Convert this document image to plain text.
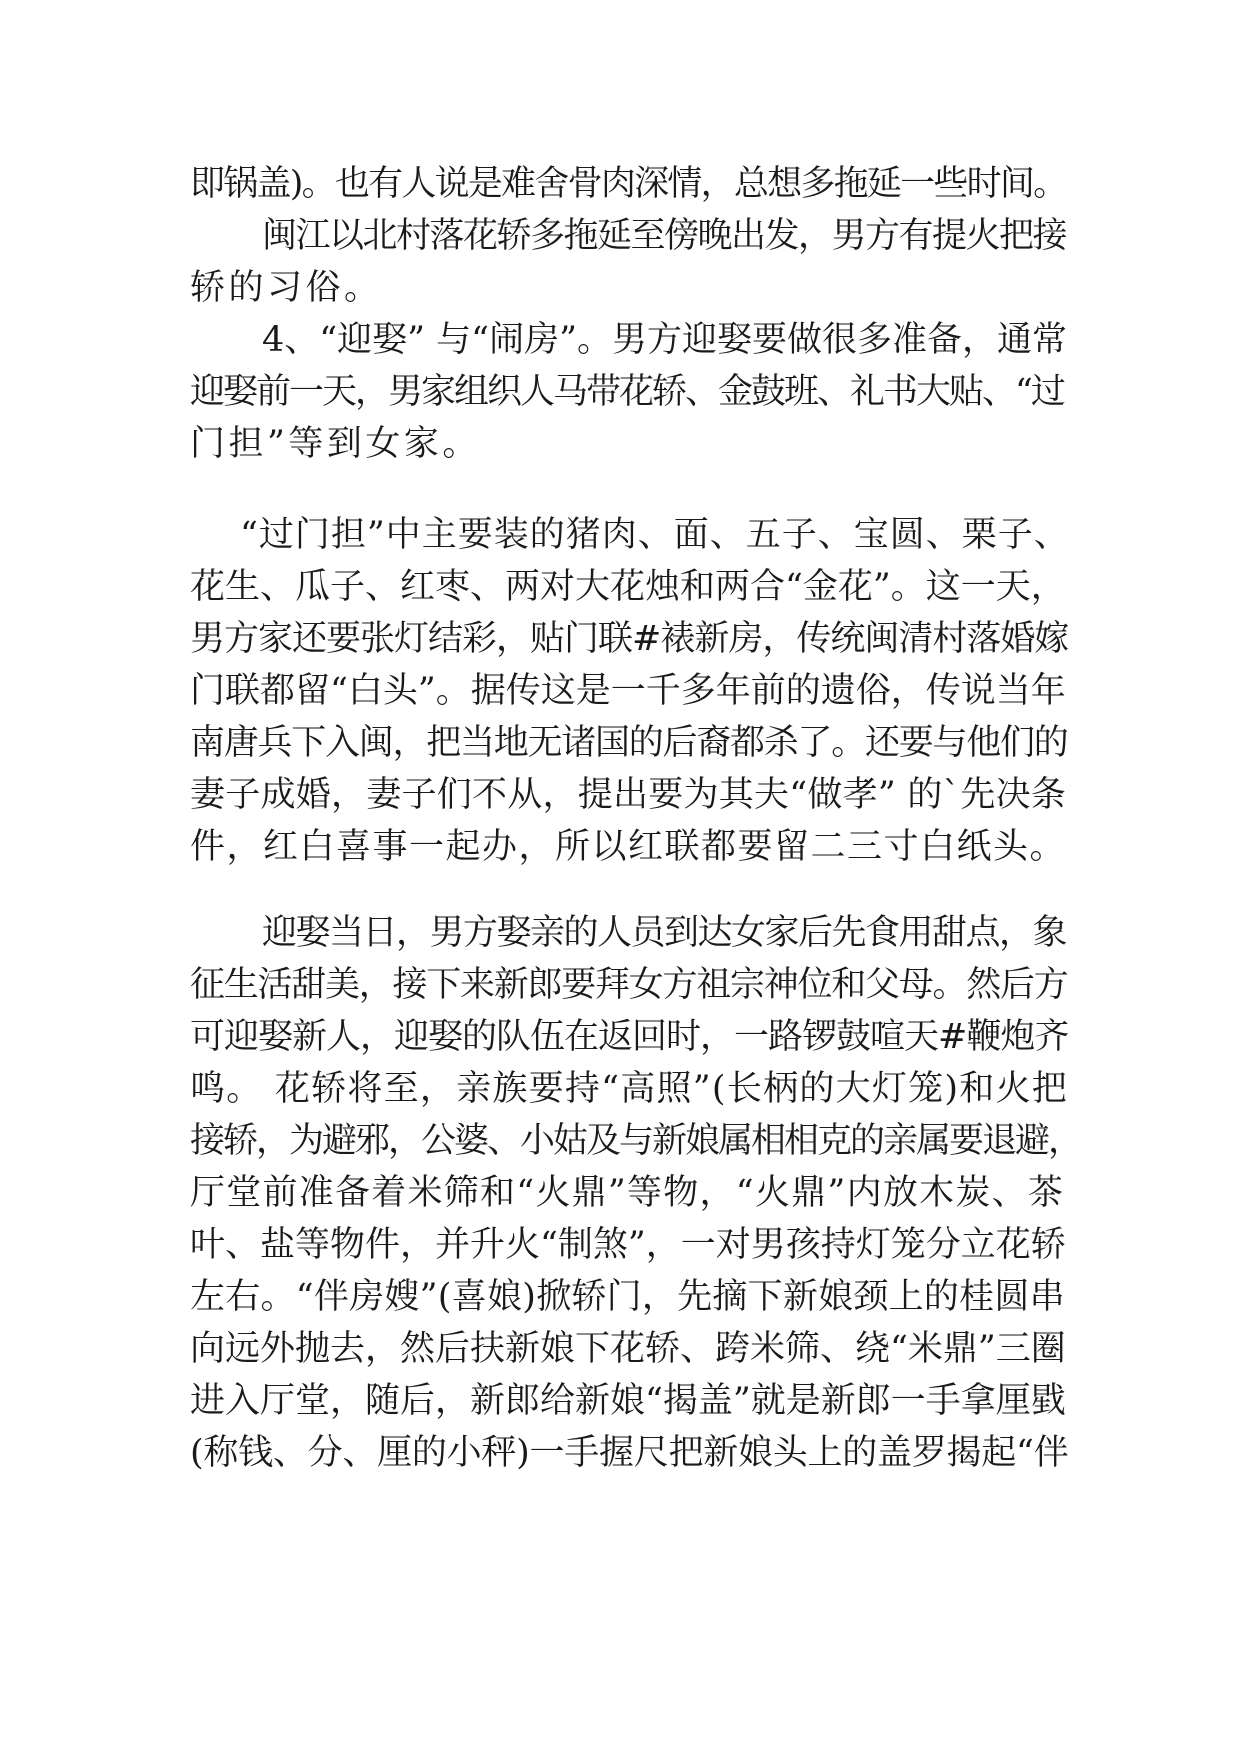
即锅盖)。也有人说是难舍骨肉深情，总想多拖延一些时间。
闽江以北村落花轿多拖延至傍晚出发，男方有提火把接
轿的习俗。
4、“迎娶” 与“闹房”。男方迎娶要做很多准备，通常
迎娶前一天，男家组织人马带花轿、金鼓班、礼书大贴、“过
门担”等到女家。
“过门担”中主要装的猪肉、面、五子、宝圆、栗子、
花生、瓜子、红枣、两对大花烛和两合“金花”。这一天，
男方家还要张灯结彩，贴门联#裱新房，传统闽清村落婚嫁
门联都留“白头”。据传这是一千多年前的遗俗，传说当年
南唐兵下入闽，把当地无诸国的后裔都杀了。还要与他们的
妻子成婚，妻子们不从，提出要为其夫“做孝” 的`先决条
件，红白喜事一起办，所以红联都要留二三寸白纸头。
迎娶当日，男方娶亲的人员到达女家后先食用甜点，象
征生活甜美，接下来新郎要拜女方祖宗神位和父母。然后方
可迎娶新人，迎娶的队伍在返回时，一路锣鼓喧天#鞭炮齐
鸣。 花轿将至，亲族要持“高照”(长柄的大灯笼)和火把
接轿，为避邪，公婆、小姑及与新娘属相相克的亲属要退避，
厅堂前准备着米筛和“火鼎”等物，“火鼎”内放木炭、茶
叶、盐等物件，并升火“制煞”，一对男孩持灯笼分立花轿
左右。“伴房嫂”(喜娘)掀轿门，先摘下新娘颈上的桂圆串
向远外抛去，然后扶新娘下花轿、跨米筛、绕“米鼎”三圈
进入厅堂，随后，新郎给新娘“揭盖”就是新郎一手拿厘戥
(称钱、分、厘的小秤)一手握尺把新娘头上的盖罗揭起“伴
